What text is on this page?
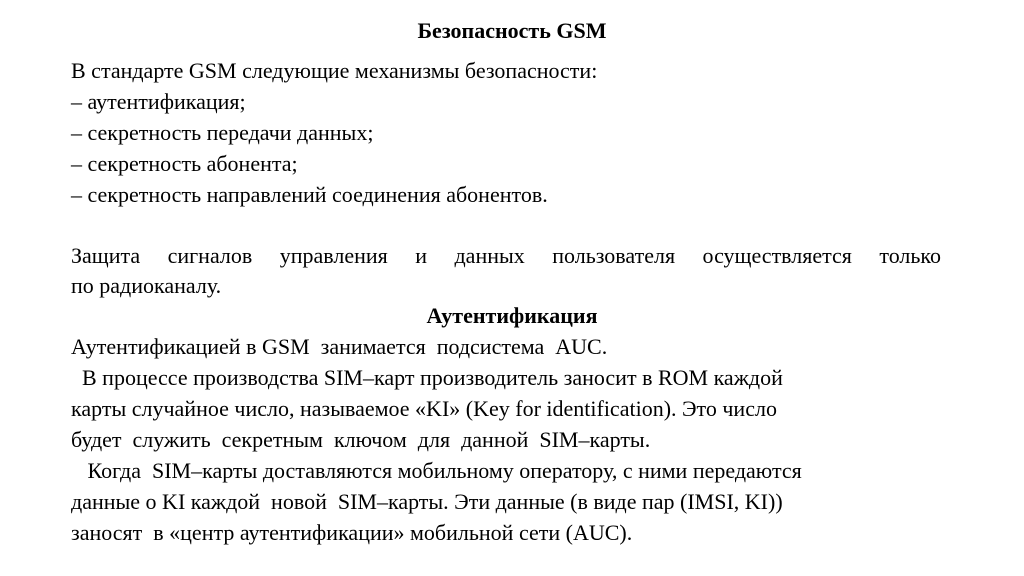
Безопасность GSM

В стандарте GSM следующие механизмы безопасности:

– аутентификация;

– секретность передачи данных;

– секретность абонента;

– секретность направлений соединения абонентов.

Защита сигналов управления и данных пользователя осуществляется только

по радиоканалу.

Аутентификация

Аутентификацией в GSM  занимается  подсистема  AUC.

В процессе производства SIM–карт производитель заносит в ROM каждой

карты случайное число, называемое «KI» (Key for identification). Это число

будет  служить  секретным  ключом  для  данной  SIM–карты.

Когда  SIM–карты доставляются мобильному оператору, с ними передаются

данные о KI каждой  новой  SIM–карты. Эти данные (в виде пар (IMSI, KI))

заносят  в «центр аутентификации» мобильной сети (AUC).
